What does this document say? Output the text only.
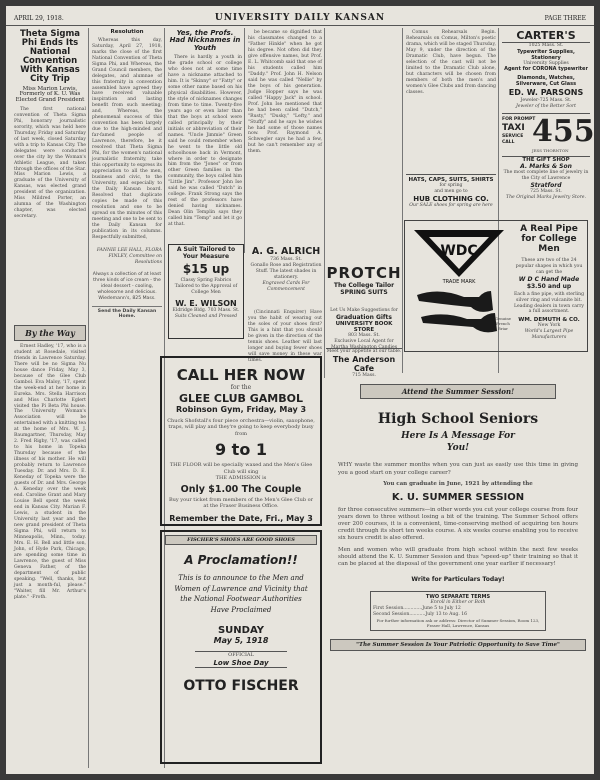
APRIL 29, 1918.	UNIVERSITY DAILY KANSAN	PAGE THREE
Theta Sigma Phi Ends Its National Convention With Kansas City Trip
Miss Marion Lewis, Formerly of K. U. Was Elected Grand President

The first national convention of Theta Sigma Phi, honorary journalistic sorority, which was held here Thursday, Friday and Saturday of last week, closed Saturday with a trip to Kansas City. The delegates were conducted over the city by the Woman's Athletic League, and taken through the offices of the Star. Miss Marion Lewis, a graduate of the University of Kansas, was elected grand president of the organization. Miss Mildred Porter, an alumna of the Washington chapter, was elected secretary.

By the Way

Ernest Hadley, '17, who is a student at Rosedale, visited friends in Lawrence Saturday. There will be no Sigma Nu house dance Friday, May 3, because of the Glee Club Gambol. Eva Maloy, '17, spent the week-end at her home in Eureka. Mrs. Stella Harrison and Miss Charlotte Eglert visited the Pi Beta Phi house. The University Woman's Association will be entertained with a knitting tea at the home of Mrs. W. J. Baumgartner, Thursday, May 2. Fred Rigby, '17, was called to his home in Topeka Thursday because of the illness of his mother. He will probably return to Lawrence Tuesday. Dr. and Mrs. D. E. Keneday of Topeka were the guests of Dr. and Mrs. George A. Keneday over the week end. Caroline Grant and Mary Louise Bell spent the week end in Kansas City. Marian F. Lewis, a student in the University last year and the new grand president of Theta Sigma Phi, will return to Minneapolis, Minn., today. Mrs. E. H. Bell and little son, John, of Hyde Park, Chicago, are spending some time in Lawrence, the guest of Miss Geneva Father, of the department of public speaking. "Well, thanks, but just a month-ful, please." "Waiter, fill Mr. Arthur's plate." -Froth.

Resolution

Whereas this day, Saturday, April 27, 1918, marks the close of the first National Convention of Theta Sigma Phi, and Whereas, the Grand Council members, the delegates, and alumnae of this fraternity in convention assembled have agreed they have received valuable inspiration and lasting benefit from such meeting; and, Whereas, the phenomenal success of this convention has been largely due to the high-minded and far-famed people of Lawrence, therefore, be it resolved that Theta Sigma Phi, for the women's national journalistic fraternity, take this opportunity to express its appreciation to all the men, business and civic, to the University, and especially to the Daily Kansan board. Resolved that duplicate copies be made of this resolution and one to be spread on the minutes of this meeting and one to be sent to the Daily Kansan for publication in its columns. Respectfully submitted,

FANNIE LEE HALL, FLORA FINLEY, Committee on Resolutions
Always a collection of at least three kinds of ice cream - the ideal dessert - cooling, wholesome and delicious. Wiedemann's, 825 Mass.
Send the Daily Kansan Home.
Yes, the Profs. Had Nicknames in Youth

There is hardly a youth in the grade school or college who does not at some time have a nickname attached to him. It is "Skinny" or "Fatty" or some other name based on his physical disabilities. However, the style of nicknames changes from time to time. Twenty-five years ago or even later than that the boys at school were called principally by their initials or abbreviation of their names. "Uncle Jimmie" Green said he could remember when he went to the little old schoolhouse back in Vermont, where in order to designate him from the "Jones" or from other Green families in the community, the boys called him "Little Jim". Professor John Ise said he was called "Dutch" in college. Frank Strong says the rest of the professors have denied having nicknames. Dean Olin Templin says they called him "Temp" and let it go at that.

be became so dignified that his classmates changed to a "Father Hinkle" when he got his degree. Not often did they give offensive names, but Prof. E. L. Whitcomb said that one of his students called him "Daddy." Prof. John H. Nelson said he was called "Nellie" by the boys of his generation. Judge Hopper says he was called "Happy Jack" in school. Prof. John Ise mentioned that he had been called "Dutch," "Rusty," "Dusky," "Lefty," and "Stuffy" and he says he wishes he had some of those names now. Prof. Raymond A. Schwegler says he had a few, but he can't remember any of them.

A Suit Tailored to Your Measure
$15 up
Classy Spring Fabrics Tailored to the Approval of College Men
W. E. WILSON
Eldridge Bldg. 703 Mass. St.
Suits Cleaned and Pressed
A. G. ALRICH
736 Mass. St.
Gonallo Rose and Registration Stuff. The latest shades in stationery.
Engraved Cards For Commencement
PROTCH
The College Tailor
SPRING SUITS
Let Us Make Suggestions for
Graduation Gifts
UNIVERSITY BOOK STORE
803 Mass. St.
Exclusive Local Agent for Martha Washington Candies
Meet your appetite at our table.
The Anderson Cafe
715 Mass.

(Cincinnati Enquirer) Have you the habit of wearing out the soles of your shoes first? This is a hint that you should be given in the direction of the tennis shoes. Leather will last longer and buying fewer shoes will save money in these war times.

Comus Rehearsals Begin. Rehearsals on Comus, Milton's poetic drama, which will be staged Thursday, May 9, under the direction of the Dramatic Club, have begun. The selection of the cast will not be limited to the Dramatic Club alone, but characters will be chosen from members of both the men's and women's Glee Clubs and from dancing classes.

HATS, CAPS, SUITS, SHIRTS
for spring
and men go to
HUB CLOTHING CO.
Our SALE shoes for spring are here
WDC
TRADE MARK
Genuine French Briar
A Real Pipe for College Men
These are two of the 24 popular shapes in which you can get the
W D C Hand Made
$3.50 and up
Each a fine pipe, with sterling silver ring and vulcanite bit. Leading dealers in town carry a full assortment.
WM. DEMUTH & CO.
New York
World's Largest Pipe Manufacturers
CARTER'S
1025 Mass. St.
Typewriter Supplies, Stationery
University Supplies
Agent for CORONA typewriter
Diamonds, Watches, Silverware, Cut Glass
ED. W. PARSONS
Jeweler-725 Mass. St.
Jeweler of the Better Sort
FOR PROMPT
TAXI
SERVICE
CALL 455
JESS THORNTON
THE GIFT SHOP
A. Marks & Son
The most complete line of jewelry in the City of Lawrence
Stratford
725 Mass. St.
The Original Marks Jewelry Store.
CALL HER NOW
for the
GLEE CLUB GAMBOL
Robinson Gym, Friday, May 3
Chuck Shofstall's four piece orchestra—violin, saxophone, traps, will play and they're going to keep everybody busy from
9 to 1
THE FLOOR will be specially waxed and the Men's Glee Club will sing
THE ADMISSION is
Only $1.00 The Couple
Buy your ticket from members of the Men's Glee Club or at the Fraser Business Office.
Remember the Date, Fri., May 3
FISCHER'S SHOES ARE GOOD SHOES
A Proclamation!!
This is to announce to the Men and Women of Lawrence and Vicinity that the National Footwear Authorities Have Proclaimed
SUNDAY
May 5, 1918
OFFICIAL
Low Shoe Day
OTTO FISCHER
Attend the Summer Session!
High School Seniors
Here Is A Message For You!
WHY waste the summer months when you can just as easily use this time in giving you a good start on your college career?
You can graduate in June, 1921 by attending the
K. U. SUMMER SESSION
for three consecutive summers—in other words you cut your college course from four years down to three without losing a bit of the training. The Summer School offers over 200 courses, it is a convenient, time-conserving method of acquiring ten hours credit through its short ten weeks course. A six weeks course enabling you to receive six hours credit is also offered.
Men and women who will graduate from high school within the next few weeks should attend the K. U. Summer Session and thus "speed-up" their training so that it can be placed at the disposal of the government one year earlier if necessary!
Write for Particulars Today!
TWO SEPARATE TERMS
Enroll in Either or Both
First Session.............June 5 to July 12
Second Session...........July 13 to Aug. 16
For further information ask or address: Director of Summer Session, Room 123, Fraser Hall, Lawrence, Kansas
"The Summer Session Is Your Patriotic Opportunity to Save Time"
